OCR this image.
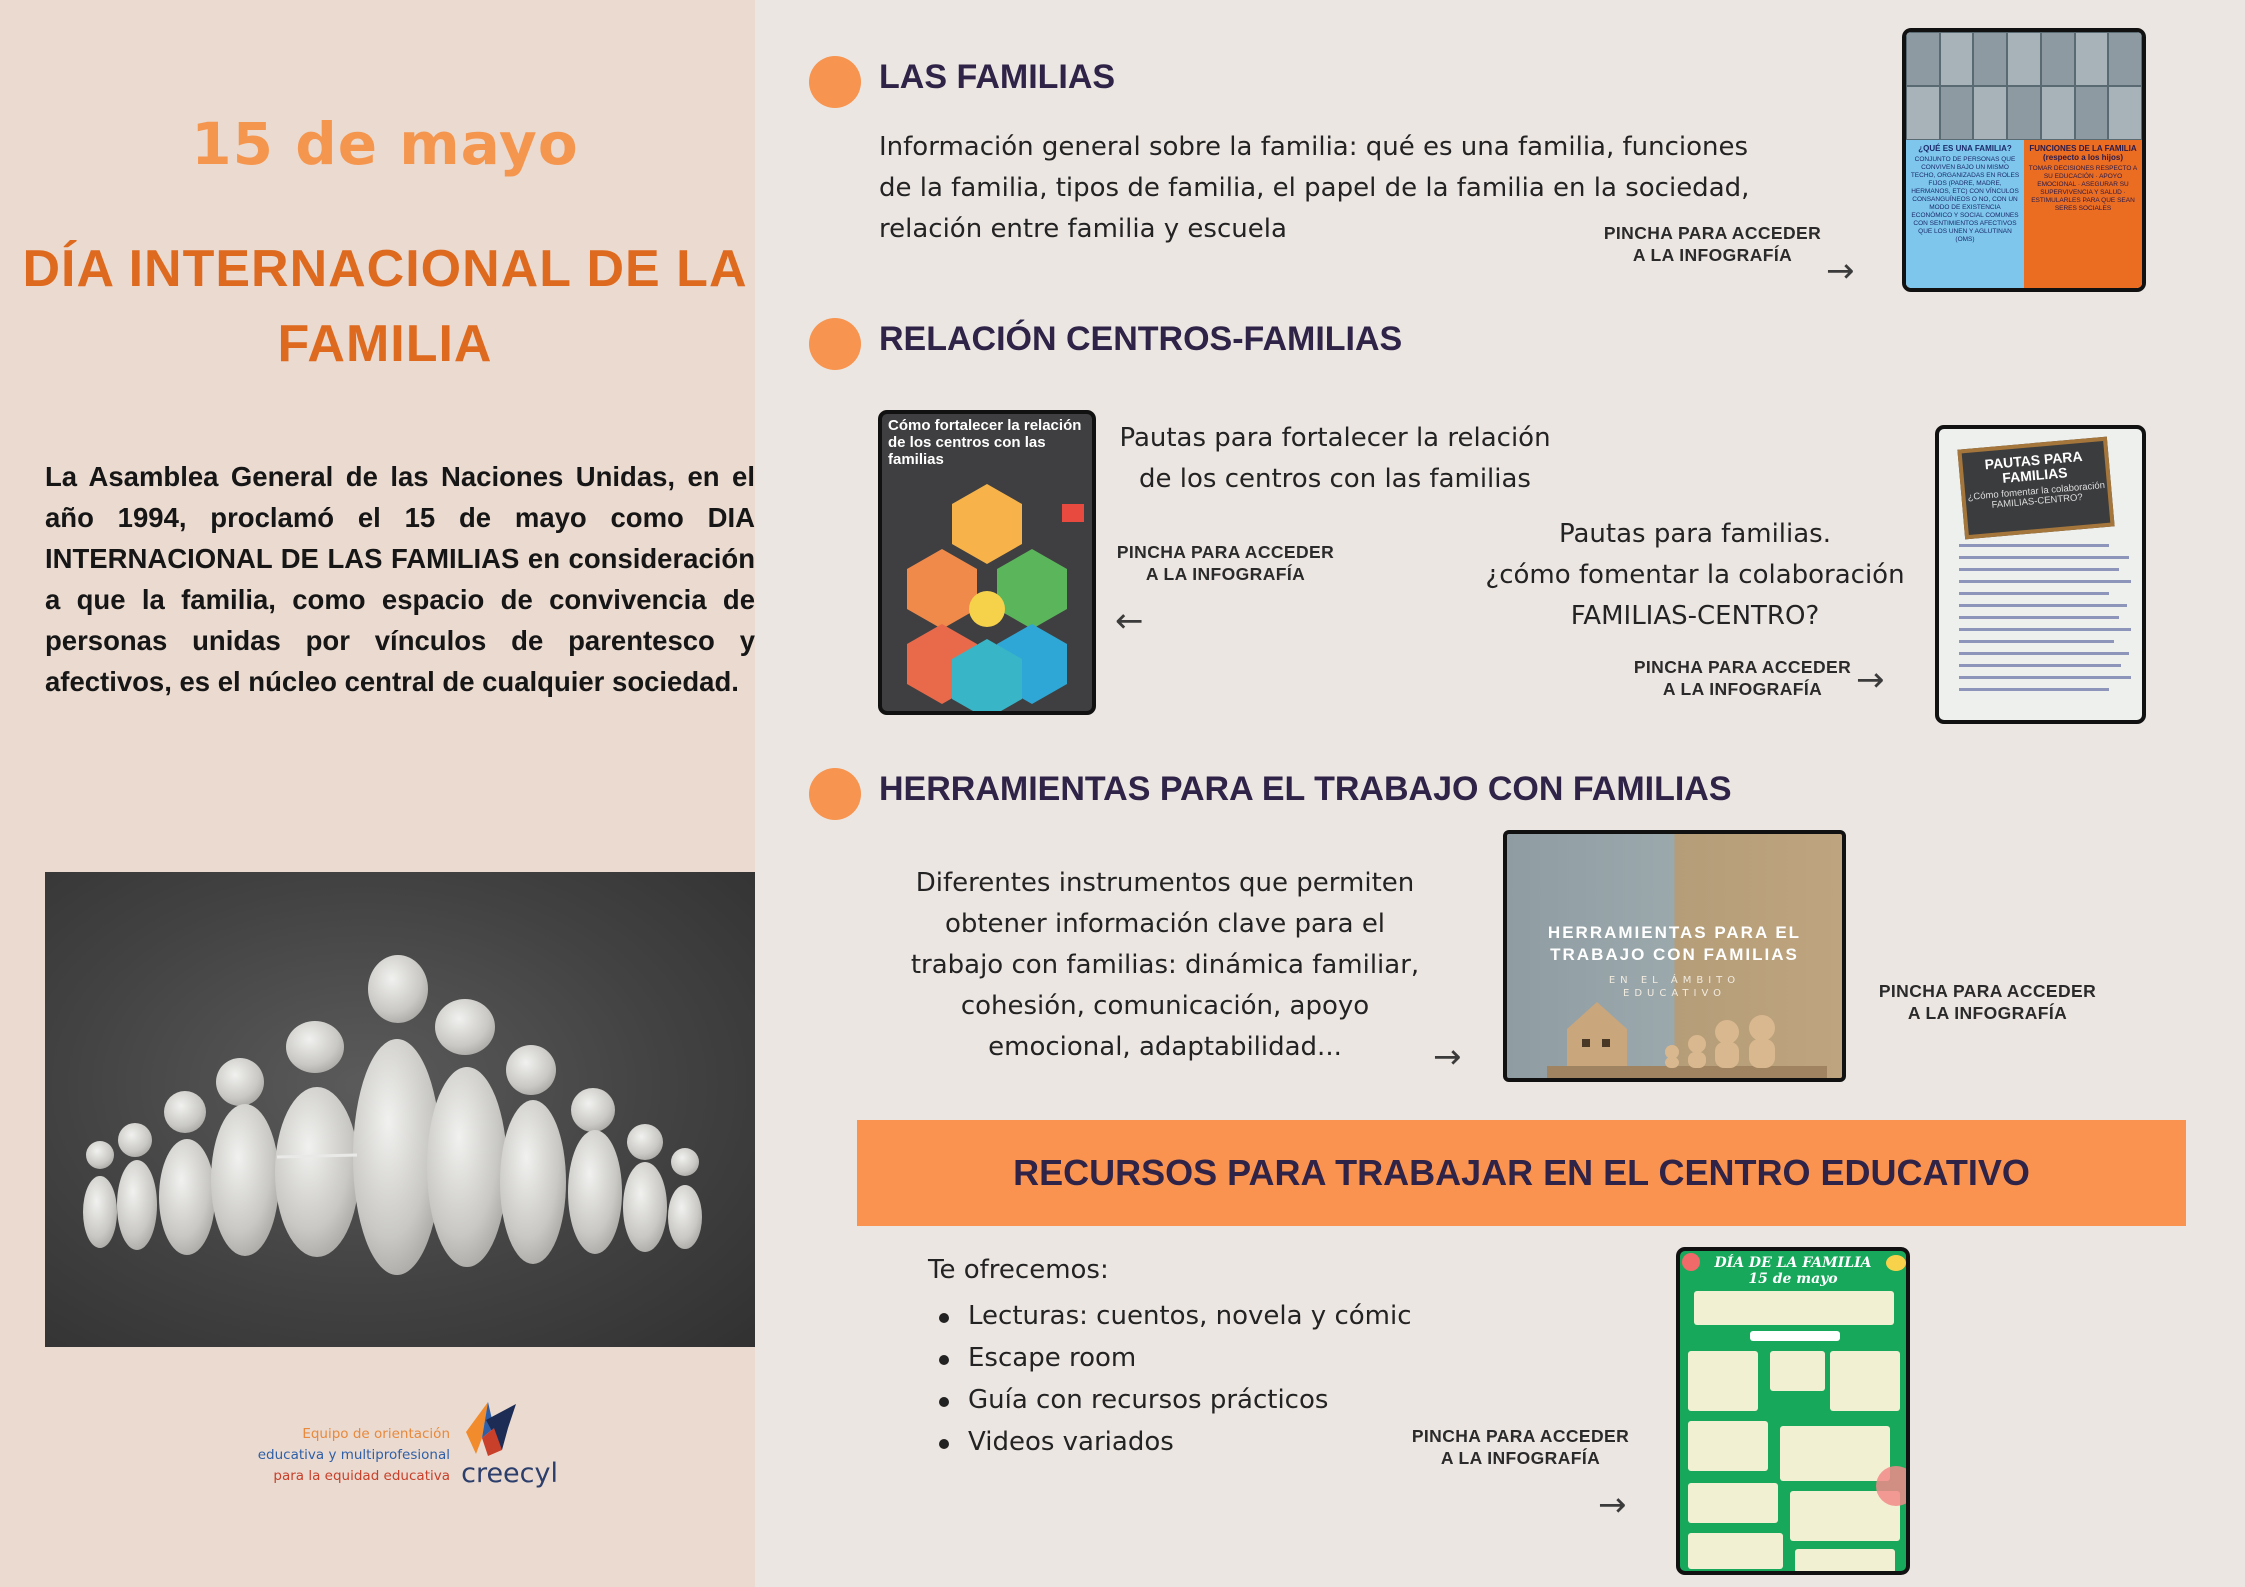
15 de mayo
DÍA INTERNACIONAL DE LA FAMILIA
La Asamblea General de las Naciones Unidas, en el año 1994, proclamó el 15 de mayo como DIA INTERNACIONAL DE LAS FAMILIAS en consideración a que la familia, como espacio de convivencia de personas unidas por vínculos de parentesco y afectivos, es el núcleo central de cualquier sociedad.
Equipo de orientación
educativa y multiprofesional
para la equidad educativa creecyl
LAS FAMILIAS
Información general sobre la familia: qué es una familia, funciones de la familia, tipos de familia, el papel de la familia en la sociedad, relación entre familia y escuela	PINCHA PARA ACCEDER
A LA INFOGRAFÍA →
¿QUÉ ES UNA FAMILIA?
CONJUNTO DE PERSONAS QUE CONVIVEN BAJO UN MISMO TECHO, ORGANIZADAS EN ROLES FIJOS (PADRE, MADRE, HERMANOS, ETC) CON VÍNCULOS CONSANGUÍNEOS O NO, CON UN MODO DE EXISTENCIA ECONÓMICO Y SOCIAL COMUNES CON SENTIMIENTOS AFECTIVOS QUE LOS UNEN Y AGLUTINAN (OMS)
FUNCIONES DE LA FAMILIA (respecto a los hijos)
TOMAR DECISIONES RESPECTO A SU EDUCACIÓN · APOYO EMOCIONAL · ASEGURAR SU SUPERVIVENCIA Y SALUD · ESTIMULARLES PARA QUE SEAN SERES SOCIALES
RELACIÓN CENTROS-FAMILIAS
Cómo fortalecer la relación de los centros con las familias
Pautas para fortalecer la relación de los centros con las familias
PINCHA PARA ACCEDER
A LA INFOGRAFÍA
←
Pautas para familias.
¿cómo fomentar la colaboración
FAMILIAS-CENTRO?
PINCHA PARA ACCEDER
A LA INFOGRAFÍA →
PAUTAS PARA FAMILIAS
¿Cómo fomentar la colaboración FAMILIAS-CENTRO?
HERRAMIENTAS PARA EL TRABAJO CON FAMILIAS
Diferentes instrumentos que permiten obtener información clave para el trabajo con familias: dinámica familiar, cohesión, comunicación, apoyo emocional, adaptabilidad...	→
HERRAMIENTAS PARA EL TRABAJO CON FAMILIAS
EN EL ÁMBITO
EDUCATIVO	PINCHA PARA ACCEDER
A LA INFOGRAFÍA
RECURSOS PARA TRABAJAR EN EL CENTRO EDUCATIVO
Te ofrecemos:
Lecturas: cuentos, novela y cómic
Escape room
Guía con recursos prácticos
Videos variados	PINCHA PARA ACCEDER
A LA INFOGRAFÍA
→
DÍA DE LA FAMILIA
15 de mayo
